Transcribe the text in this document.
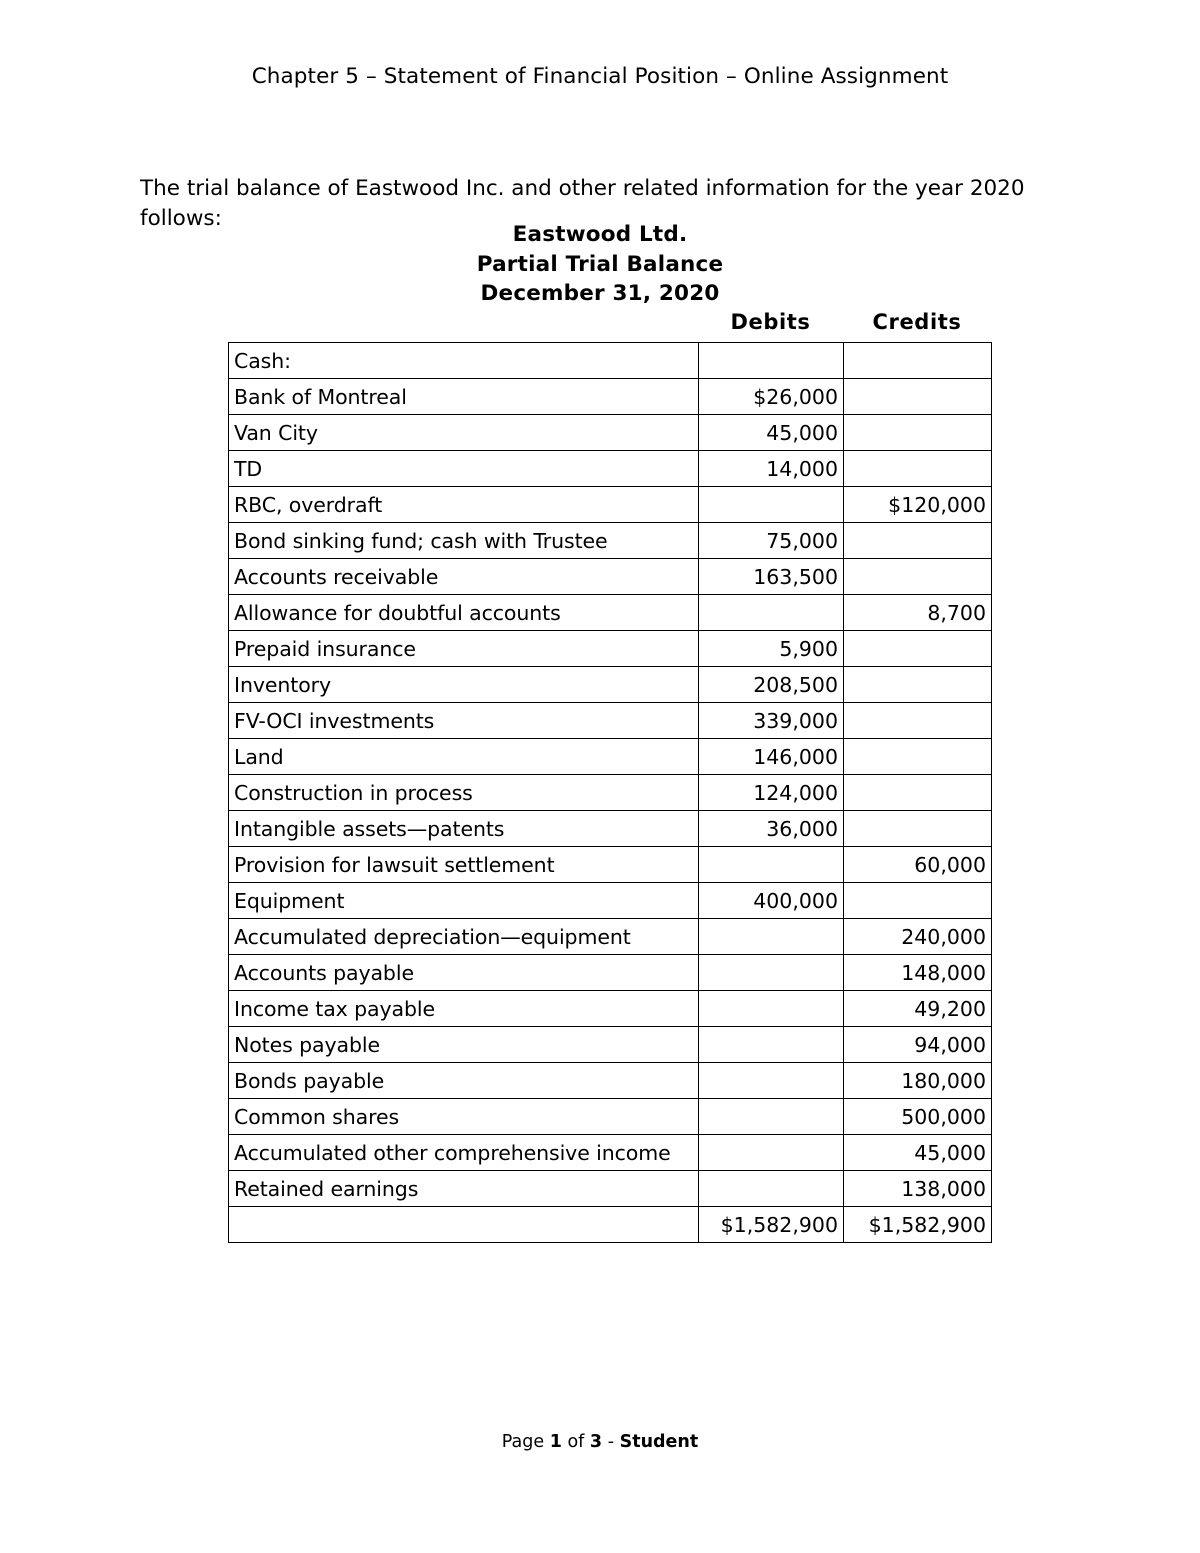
Chapter 5 – Statement of Financial Position – Online Assignment

The trial balance of Eastwood Inc. and other related information for the year 2020 follows:

Eastwood Ltd.
Partial Trial Balance
December 31, 2020
Debits	Credits
Cash:		
Bank of Montreal	$26,000	
Van City	45,000	
TD	14,000	
RBC, overdraft		$120,000
Bond sinking fund; cash with Trustee	75,000	
Accounts receivable	163,500	
Allowance for doubtful accounts		8,700
Prepaid insurance	5,900	
Inventory	208,500	
FV-OCI investments	339,000	
Land	146,000	
Construction in process	124,000	
Intangible assets—patents	36,000	
Provision for lawsuit settlement		60,000
Equipment	400,000	
Accumulated depreciation—equipment		240,000
Accounts payable		148,000
Income tax payable		49,200
Notes payable		94,000
Bonds payable		180,000
Common shares		500,000
Accumulated other comprehensive income		45,000
Retained earnings		138,000
	$1,582,900	$1,582,900
Page 1 of 3 - Student
